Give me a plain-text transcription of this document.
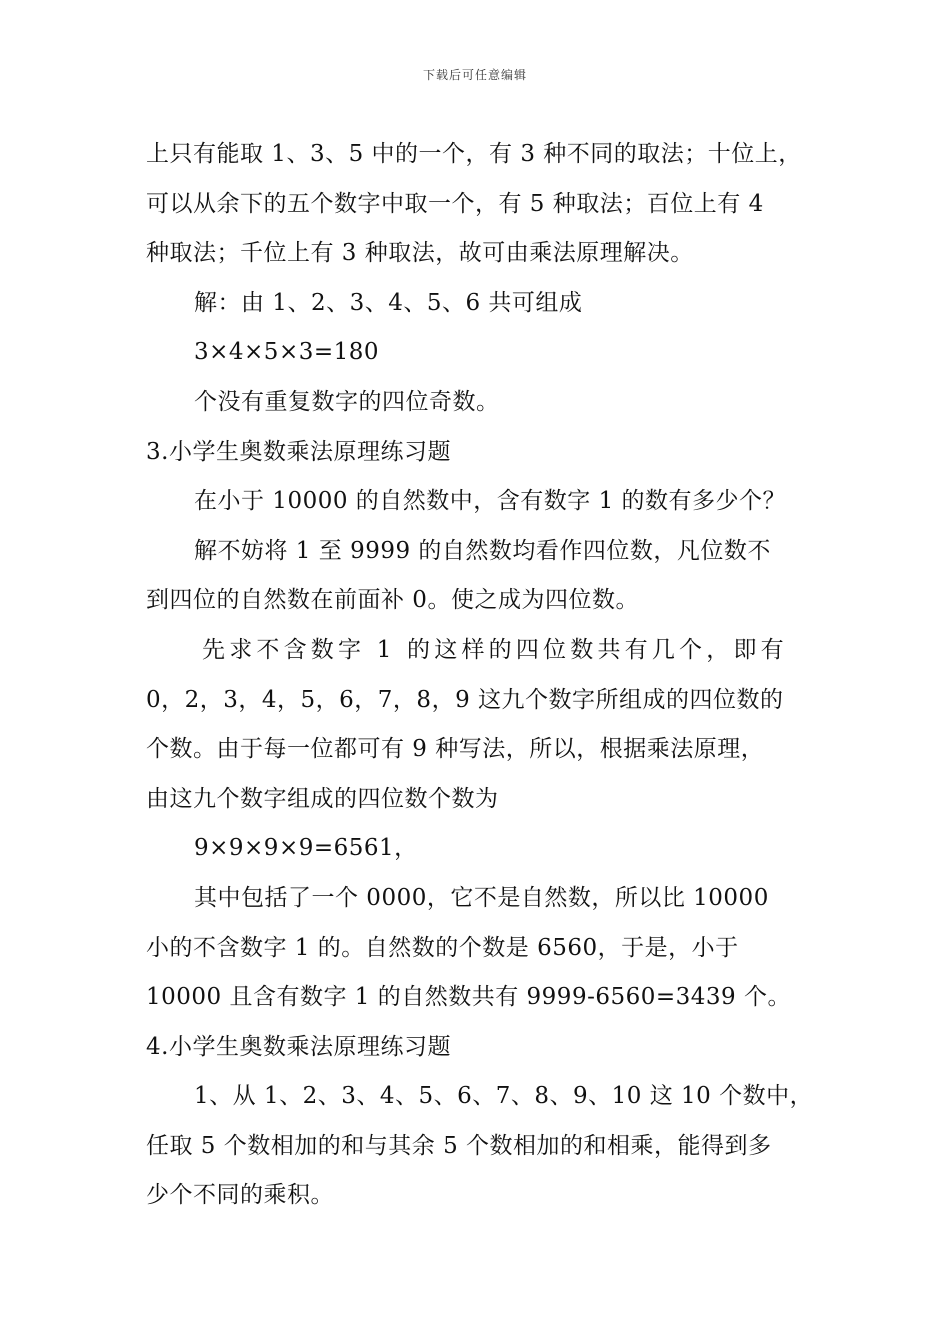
下载后可任意编辑
上只有能取 1、3、5 中的一个，有 3 种不同的取法；十位上，
可以从余下的五个数字中取一个，有 5 种取法；百位上有 4
种取法；千位上有 3 种取法，故可由乘法原理解决。
解：由 1、2、3、4、5、6 共可组成
3×4×5×3=180
个没有重复数字的四位奇数。
3.小学生奥数乘法原理练习题
在小于 10000 的自然数中，含有数字 1 的数有多少个？
解不妨将 1 至 9999 的自然数均看作四位数，凡位数不
到四位的自然数在前面补 0。使之成为四位数。
先求不含数字 1 的这样的四位数共有几个，即有
0，2，3，4，5，6，7，8，9 这九个数字所组成的四位数的
个数。由于每一位都可有 9 种写法，所以，根据乘法原理，
由这九个数字组成的四位数个数为
9×9×9×9=6561，
其中包括了一个 0000，它不是自然数，所以比 10000
小的不含数字 1 的。自然数的个数是 6560，于是，小于
10000 且含有数字 1 的自然数共有 9999-6560=3439 个。
4.小学生奥数乘法原理练习题
1、从 1、2、3、4、5、6、7、8、9、10 这 10 个数中，
任取 5 个数相加的和与其余 5 个数相加的和相乘，能得到多
少个不同的乘积。
